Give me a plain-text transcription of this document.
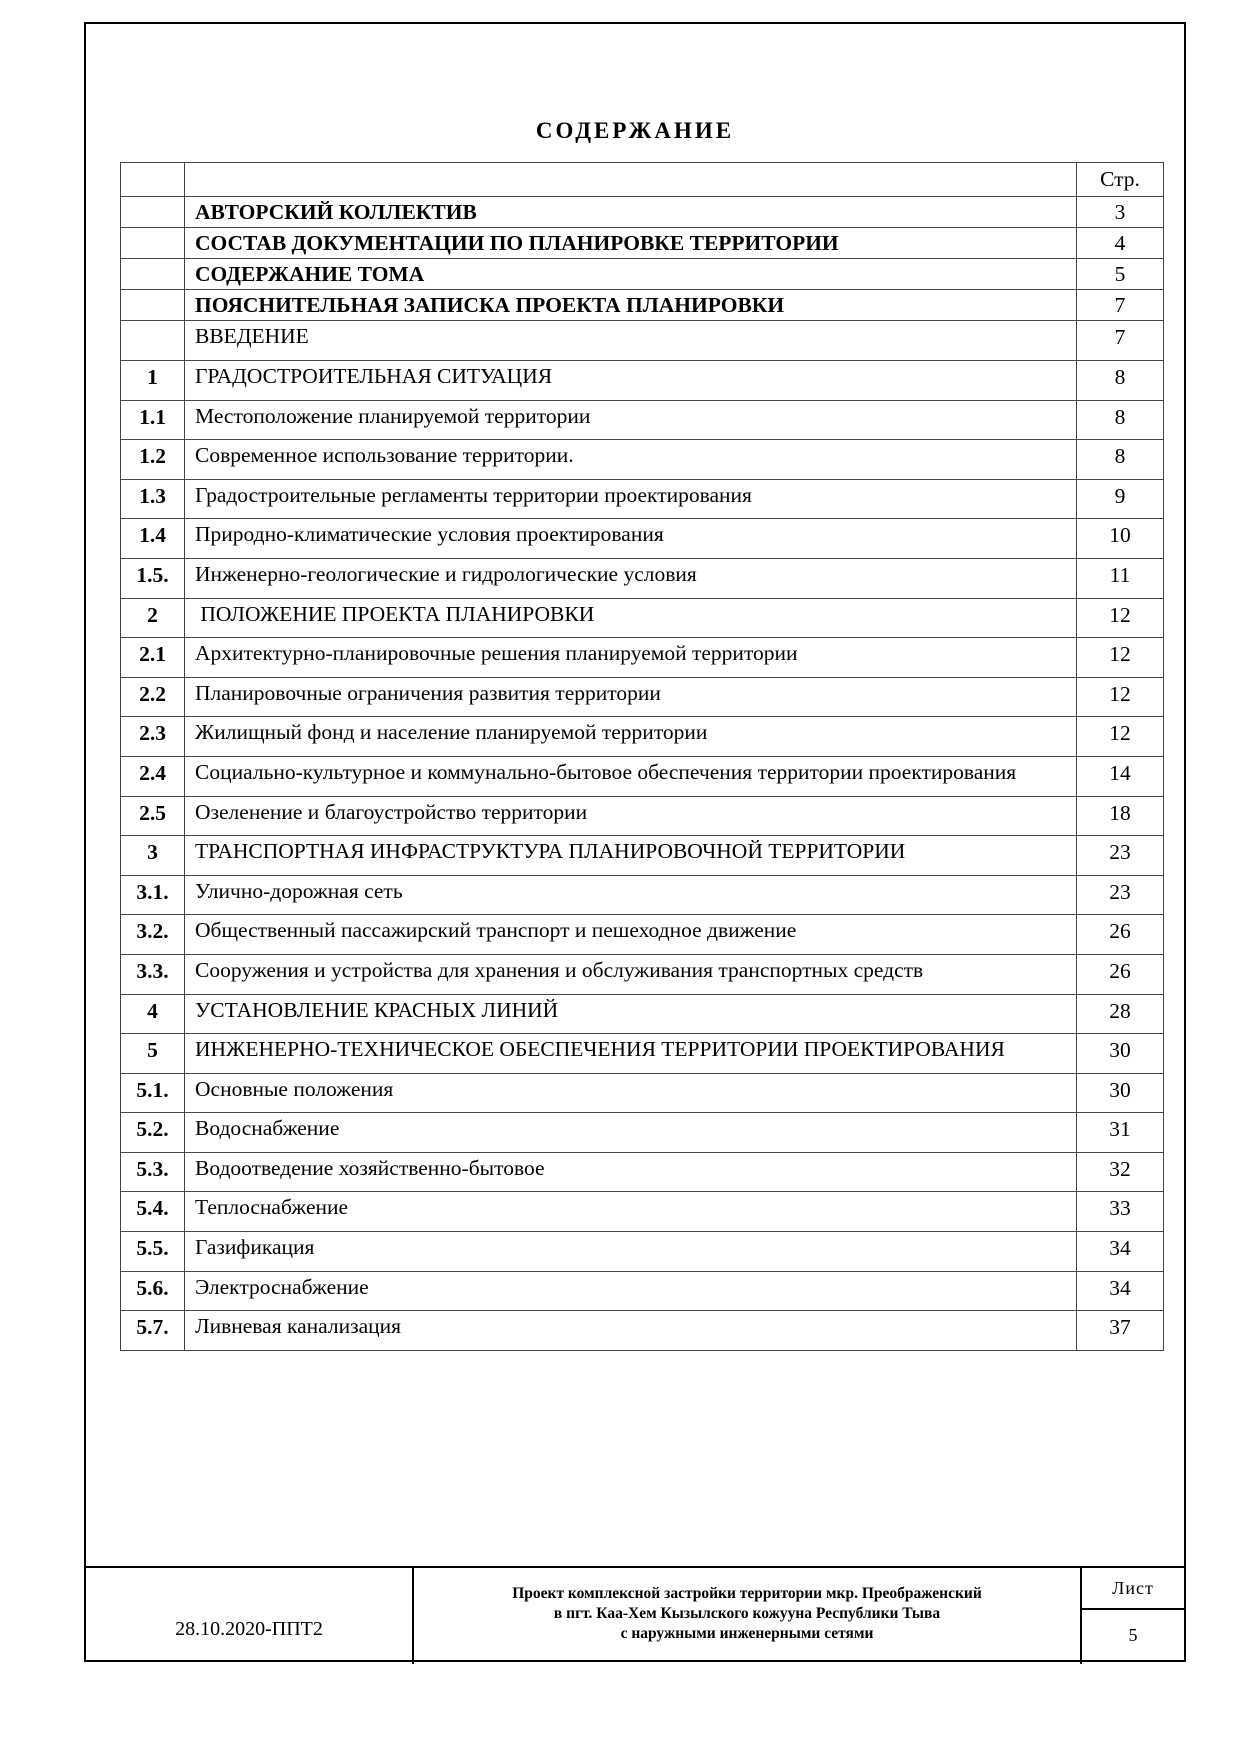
СОДЕРЖАНИЕ
		Стр.
	АВТОРСКИЙ КОЛЛЕКТИВ	3
	СОСТАВ ДОКУМЕНТАЦИИ ПО ПЛАНИРОВКЕ ТЕРРИТОРИИ	4
	СОДЕРЖАНИЕ ТОМА	5
	ПОЯСНИТЕЛЬНАЯ ЗАПИСКА ПРОЕКТА ПЛАНИРОВКИ	7
	ВВЕДЕНИЕ	7
1	ГРАДОСТРОИТЕЛЬНАЯ СИТУАЦИЯ	8
1.1	Местоположение планируемой территории	8
1.2	Современное использование территории.	8
1.3	Градостроительные регламенты территории проектирования	9
1.4	Природно-климатические условия проектирования	10
1.5.	Инженерно-геологические и гидрологические условия	11
2	ПОЛОЖЕНИЕ ПРОЕКТА ПЛАНИРОВКИ	12
2.1	Архитектурно-планировочные решения планируемой территории	12
2.2	Планировочные ограничения развития территории	12
2.3	Жилищный фонд и население планируемой территории	12
2.4	Социально-культурное и коммунально-бытовое обеспечения территории проектирования	14
2.5	Озеленение и благоустройство территории	18
3	ТРАНСПОРТНАЯ ИНФРАСТРУКТУРА ПЛАНИРОВОЧНОЙ ТЕРРИТОРИИ	23
3.1.	Улично-дорожная сеть	23
3.2.	Общественный пассажирский транспорт и пешеходное движение	26
3.3.	Сооружения и устройства для хранения и обслуживания транспортных средств	26
4	УСТАНОВЛЕНИЕ КРАСНЫХ ЛИНИЙ	28
5	ИНЖЕНЕРНО-ТЕХНИЧЕСКОЕ ОБЕСПЕЧЕНИЯ ТЕРРИТОРИИ ПРОЕКТИРОВАНИЯ	30
5.1.	Основные положения	30
5.2.	Водоснабжение	31
5.3.	Водоотведение хозяйственно-бытовое	32
5.4.	Теплоснабжение	33
5.5.	Газификация	34
5.6.	Электроснабжение	34
5.7.	Ливневая канализация	37
28.10.2020-ППТ2
Проект комплексной застройки территории мкр. Преображенский
в пгт. Каа-Хем Кызылского кожууна Республики Тыва
с наружными инженерными сетями
Лист
5
